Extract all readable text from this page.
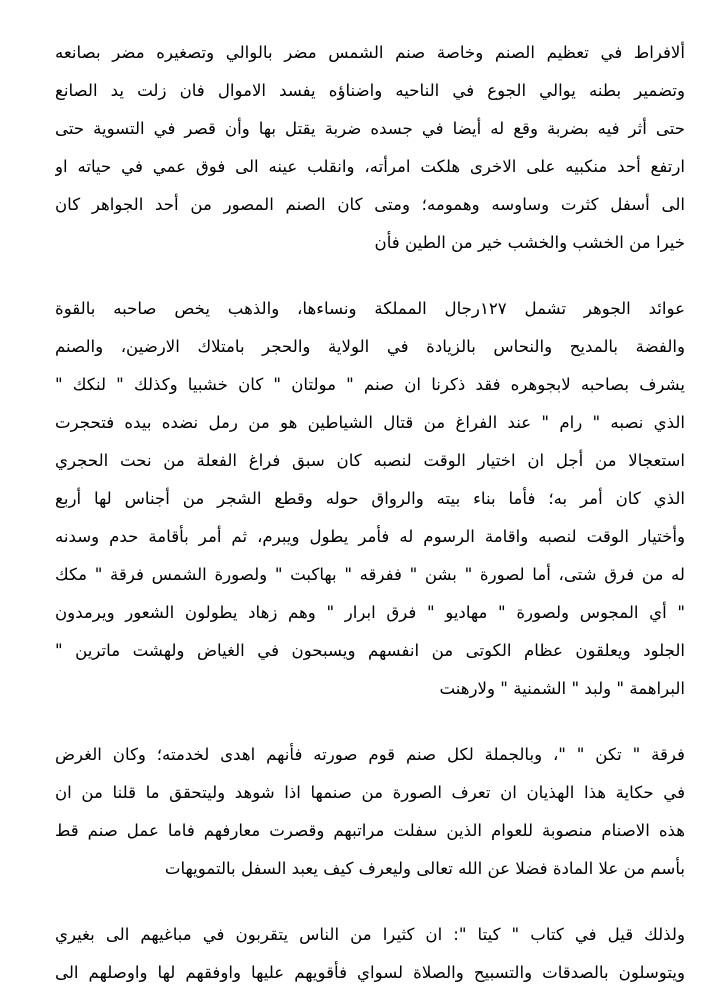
ألافراط في تعظيم الصنم وخاصة صنم الشمس مضر بالوالي وتصغيره مضر بصانعه
وتضمير بطنه يوالي الجوع في الناحيه واضناؤه يفسد الاموال فان زلت يد الصانع
حتى أثر فيه بضربة وقع له أيضا في جسده ضربة يقتل بها وأن قصر في التسوية حتى
ارتفع أحد منكبيه على الاخرى هلكت امرأته، وانقلب عينه الى فوق عمي في حياته او
الى أسفل كثرت وساوسه وهمومه؛ ومتى كان الصنم المصور من أحد الجواهر كان
خيرا من الخشب والخشب خير من الطين فأن
عوائد الجوهر تشمل ١٢٧رجال المملكة ونساءها، والذهب يخص صاحبه بالقوة
والفضة بالمديح والنحاس بالزيادة في الولاية والحجر بامتلاك الارضين، والصنم
يشرف بصاحبه لابجوهره فقد ذكرنا ان صنم " مولتان " كان خشبيا وكذلك " لنكك "
الذي نصبه " رام " عند الفراغ من قتال الشياطين هو من رمل نضده بيده فتحجرت
استعجالا من أجل ان اختيار الوقت لنصبه كان سبق فراغ الفعلة من نحت الحجري
الذي كان أمر به؛ فأما بناء بيته والرواق حوله وقطع الشجر من أجناس لها أربع
وأختيار الوقت لنصبه واقامة الرسوم له فأمر يطول ويبرم، ثم أمر بأقامة حدم وسدنه
له من فرق شتى، أما لصورة " بشن " ففرقه " بهاكبت " ولصورة الشمس فرقة " مكك
" أي المجوس ولصورة " مهاديو " فرق ابرار " وهم زهاد يطولون الشعور ويرمدون
الجلود ويعلقون عظام الكوتى من انفسهم ويسبحون في الغياض ولهشت ماترين "
البراهمة " ولبد " الشمنية " ولارهنت
فرقة " تكن " "، وبالجملة لكل صنم قوم صورته فأنهم اهدى لخدمته؛ وكان الغرض
في حكاية هذا الهذيان ان تعرف الصورة من صنمها اذا شوهد وليتحقق ما قلنا من ان
هذه الاصنام منصوبة للعوام الذين سفلت مراتبهم وقصرت معارفهم فاما عمل صنم قط
بأسم من علا المادة فضلا عن الله تعالى وليعرف كيف يعبد السفل بالتمويهات
ولذلك قيل في كتاب " كيتا ": ان كثيرا من الناس يتقربون في مباغيهم الى بغيري
ويتوسلون بالصدقات والتسبيح والصلاة لسواي فأقويهم عليها واوفقهم لها واوصلهم الى
